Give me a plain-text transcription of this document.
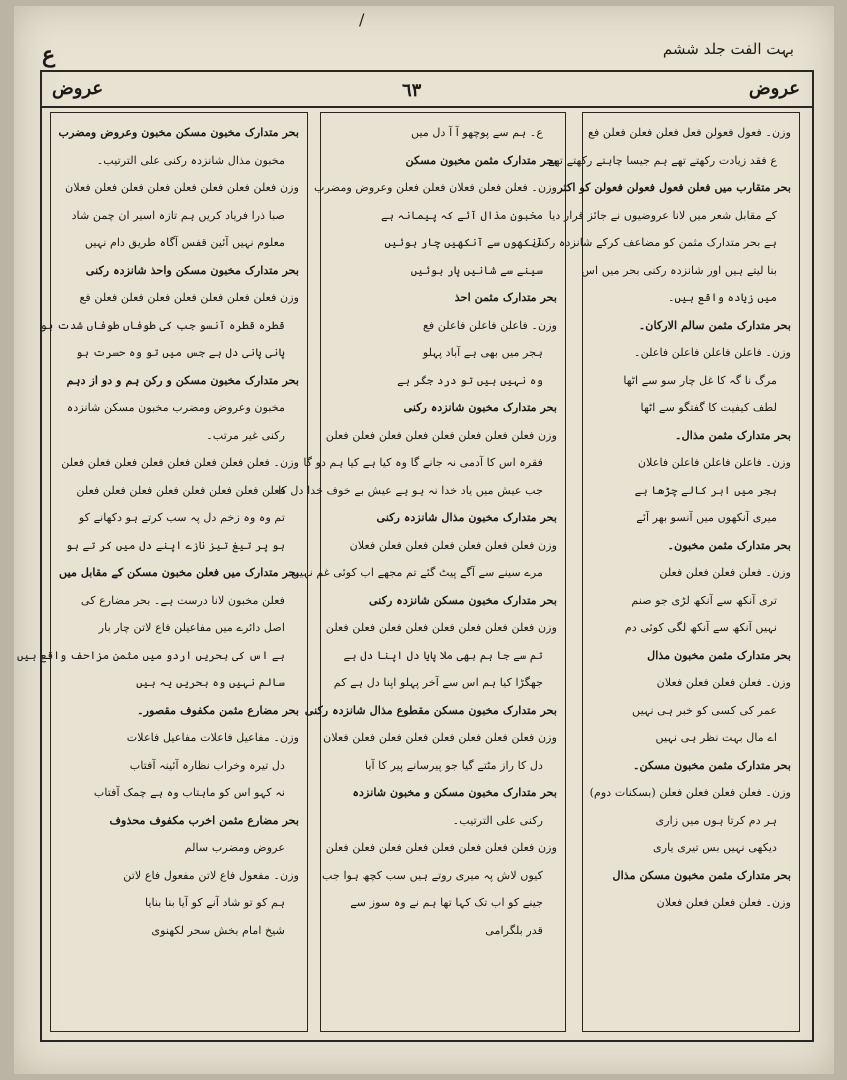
/
ع	بہت الفت جلد ششم
عروض	٦٣	عروض
وزن۔ فعول فعولن فعل فعلن فعلن فعلن فع
ع فقد زیادت رکھتے تھے ہم جیسا چاہتے رکھتے تھے
بحر متقارب میں فعلن فعول فعولن فعولن کو اکثر
کے مقابل شعر میں لانا عروضیوں نے جائز قرار دیا
ہے بحر متدارک مثمن کو مضاعف کرکے شانزدہ رکنی
بنا لیتے ہیں اور شانزدہ رکنی بحر میں اس
میں زیادہ واقع ہیں۔
بحر متدارک مثمن سالم الارکان۔
وزن۔ فاعلن فاعلن فاعلن فاعلن۔
مرگ نا گہ کا غل چار سو سے اٹھا
لطف کیفیت کا گفتگو سے اٹھا
بحر متدارک مثمن مذال۔
وزن۔ فاعلن فاعلن فاعلن فاعلان
ہجر میں ابر کالے چڑھا ہے
میری آنکھوں میں آنسو بھر آئے
بحر متدارک مثمن مخبون۔
وزن۔ فعلن فعلن فعلن فعلن
تری آنکھ سے آنکھ لڑی جو صنم
نہیں آنکھ سے آنکھ لگی کوئی دم
بحر متدارک مثمن مخبون مذال
وزن۔ فعلن فعلن فعلن فعلان
عمر کی کسی کو خبر ہی نہیں
اے مال بہت نظر ہی نہیں
بحر متدارک مثمن مخبون مسکن۔
وزن۔ فعلن فعلن فعلن فعلن (بسکنات دوم)
ہر دم کرتا ہوں میں زاری
دیکھی نہیں بس تیری یاری
بحر متدارک مثمن مخبون مسکن مذال
وزن۔ فعلن فعلن فعلن فعلان
ع۔ ہم سے پوچھو آ آ دل میں
بحر متدارک مثمن مخبون مسکن
وزن۔ فعلن فعلن فعلان فعلن فعلن وعروض ومضرب
مخبون مذال آئے کہ پیمانہ ہے
آنکھوں سے آنکھیں چار ہوئیں
سینے سے شانیں پار ہوئیں
بحر متدارک مثمن احذ
وزن۔ فاعلن فاعلن فاعلن فع
ہجر میں بھی ہے آباد پہلو
وہ نہیں ہیں تو درد جگر ہے
بحر متدارک مخبون شانزدہ رکنی
وزن فعلن فعلن فعلن فعلن فعلن فعلن فعلن فعلن
فقرہ اس کا آدمی نہ جانے گا وہ کیا ہے کیا ہم دو گا
جب عیش میں یاد خدا نہ ہو ہے عیش بے خوف خدا دل کا
بحر متدارک مخبون مذال شانزدہ رکنی
وزن فعلن فعلن فعلن فعلن فعلن فعلن فعلان
مرے سینے سے آگے پیٹ گئے تم مجھے اب کوئی غم نہیں
بحر متدارک مخبون مسکن شانزدہ رکنی
وزن فعلن فعلن فعلن فعلن فعلن فعلن فعلن فعلن
تم سے جا ہم بھی ملا پایا دل اپنا دل ہے
جھگڑا کیا ہم اس سے آخر پہلو اپنا دل ہے کم
بحر متدارک مخبون مسکن مقطوع مذال شانزدہ رکنی
وزن فعلن فعلن فعلن فعلن فعلن فعلن فعلن فعلان
دل کا راز مٹتے گیا جو پیرسانے پیر کا آیا
بحر متدارک مخبون مسکن و مخبون شانزدہ
رکنی علی الترتیب۔
وزن فعلن فعلن فعلن فعلن فعلن فعلن فعلن فعلن
کیوں لاش پہ میری روتے ہیں سب کچھ ہوا جب
جینے کو اب تک کہا تھا ہم نے وہ سوز سے
قدر بلگرامی
بحر متدارک مخبون مسکن مخبون وعروض ومضرب
مخبون مذال شانزدہ رکنی علی الترتیب۔
وزن فعلن فعلن فعلن فعلن فعلن فعلن فعلن فعلان
صبا ذرا فریاد کریں ہم تازہ اسیر ان چمن شاد
معلوم نہیں آئین قفس آگاہ طریق دام نہیں
بحر متدارک مخبون مسکن واحذ شانزدہ رکنی
وزن فعلن فعلن فعلن فعلن فعلن فعلن فعلن فع
قطرہ قطرہ آنسو جب کی طوفاں طوفاں شدت ہو
پانی پانی دل ہے جس میں تو وہ حسرت ہو
بحر متدارک مخبون مسکن و رکن ہم و دو از دہم
مخبون وعروض ومضرب مخبون مسکن شانزدہ
رکنی غیر مرتب۔
وزن۔ فعلن فعلن فعلن فعلن فعلن فعلن فعلن فعلن
فعلن فعلن فعلن فعلن فعلن فعلن فعلن فعلن
تم وہ وہ زخم دل پہ سب کرتے ہو دکھانے کو
ہو پر تیغ تیز نازے اپنے دل میں کر تے ہو
بحر متدارک میں فعلن مخبون مسکن کے مقابل میں
فعلن مخبون لانا درست ہے۔ بحر مضارع کی
اصل دائرے میں مفاعیلن فاع لاتن چار بار
ہے اس کی بحریں اردو میں مثمن مزاحف واقع ہیں
سالم نہیں وہ بحریں یہ ہیں
بحر مضارع مثمن مکفوف مقصور۔
وزن۔ مفاعیل فاعلات مفاعیل فاعلات
دل تیرہ وخراب نظارہ آئینہ آفتاب
نہ کہو اس کو ماہتاب وہ ہے چمک آفتاب
بحر مضارع مثمن اخرب مکفوف محذوف
عروض ومضرب سالم
وزن۔ مفعول فاع لاتن مفعول فاع لاتن
ہم کو تو شاد آنے کو آیا بنا بنایا
شیخ امام بخش سحر لکھنوی
